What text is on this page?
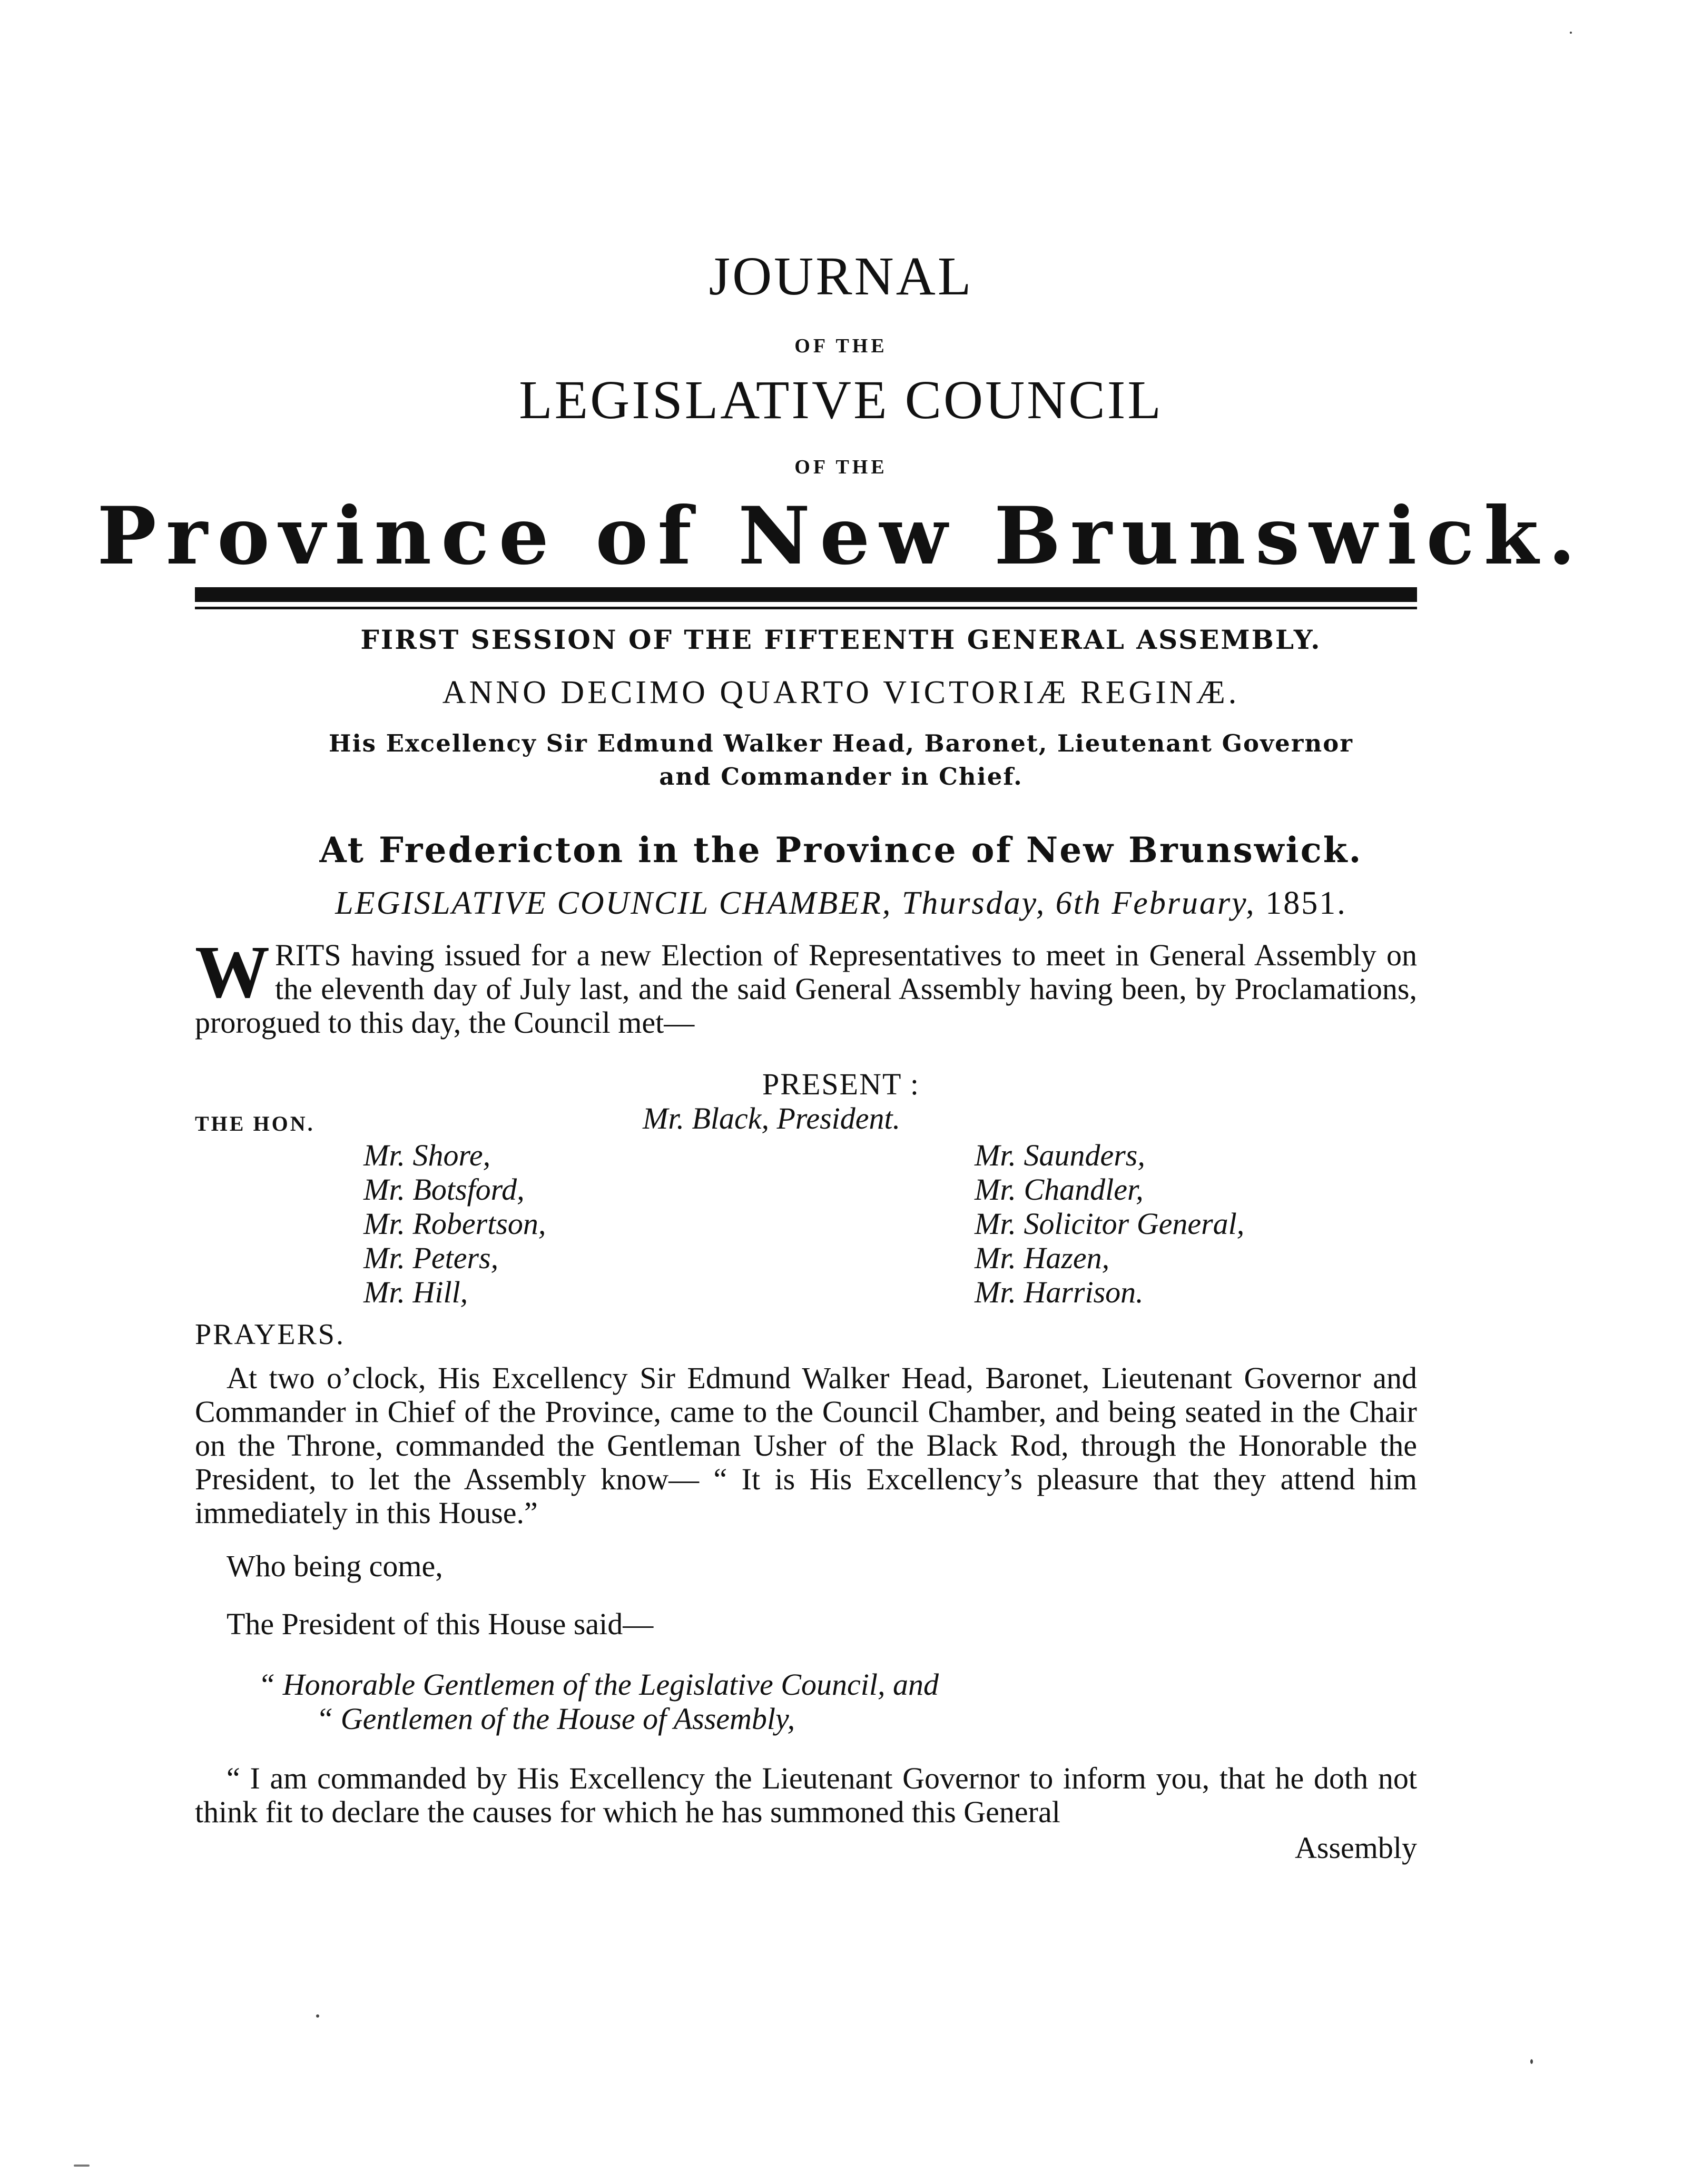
JOURNAL

OF THE

LEGISLATIVE COUNCIL

OF THE

Province of New Brunswick.

FIRST SESSION OF THE FIFTEENTH GENERAL ASSEMBLY.

ANNO DECIMO QUARTO VICTORIÆ REGINÆ.

His Excellency Sir Edmund Walker Head, Baronet, Lieutenant Governor

and Commander in Chief.

At Fredericton in the Province of New Brunswick.

LEGISLATIVE COUNCIL CHAMBER, Thursday, 6th February, 1851.

W RITS having issued for a new Election of Representatives to meet in General Assembly on the eleventh day of July last, and the said General Assembly having been, by Proclamations, prorogued to this day, the Council met—

PRESENT :

THE HON.	Mr. Black, President.

Mr. Shore,

Mr. Botsford,

Mr. Robertson,

Mr. Peters,

Mr. Hill,

Mr. Saunders,

Mr. Chandler,

Mr. Solicitor General,

Mr. Hazen,

Mr. Harrison.

PRAYERS.

At two o’clock, His Excellency Sir Edmund Walker Head, Baronet, Lieutenant Governor and Commander in Chief of the Province, came to the Council Chamber, and being seated in the Chair on the Throne, commanded the Gentleman Usher of the Black Rod, through the Honorable the President, to let the Assembly know— “ It is His Excellency’s pleasure that they attend him immediately in this House.”

Who being come,

The President of this House said—

“ Honorable Gentlemen of the Legislative Council, and

“ Gentlemen of the House of Assembly,

“ I am commanded by His Excellency the Lieutenant Governor to inform you, that he doth not think fit to declare the causes for which he has summoned this General

Assembly
